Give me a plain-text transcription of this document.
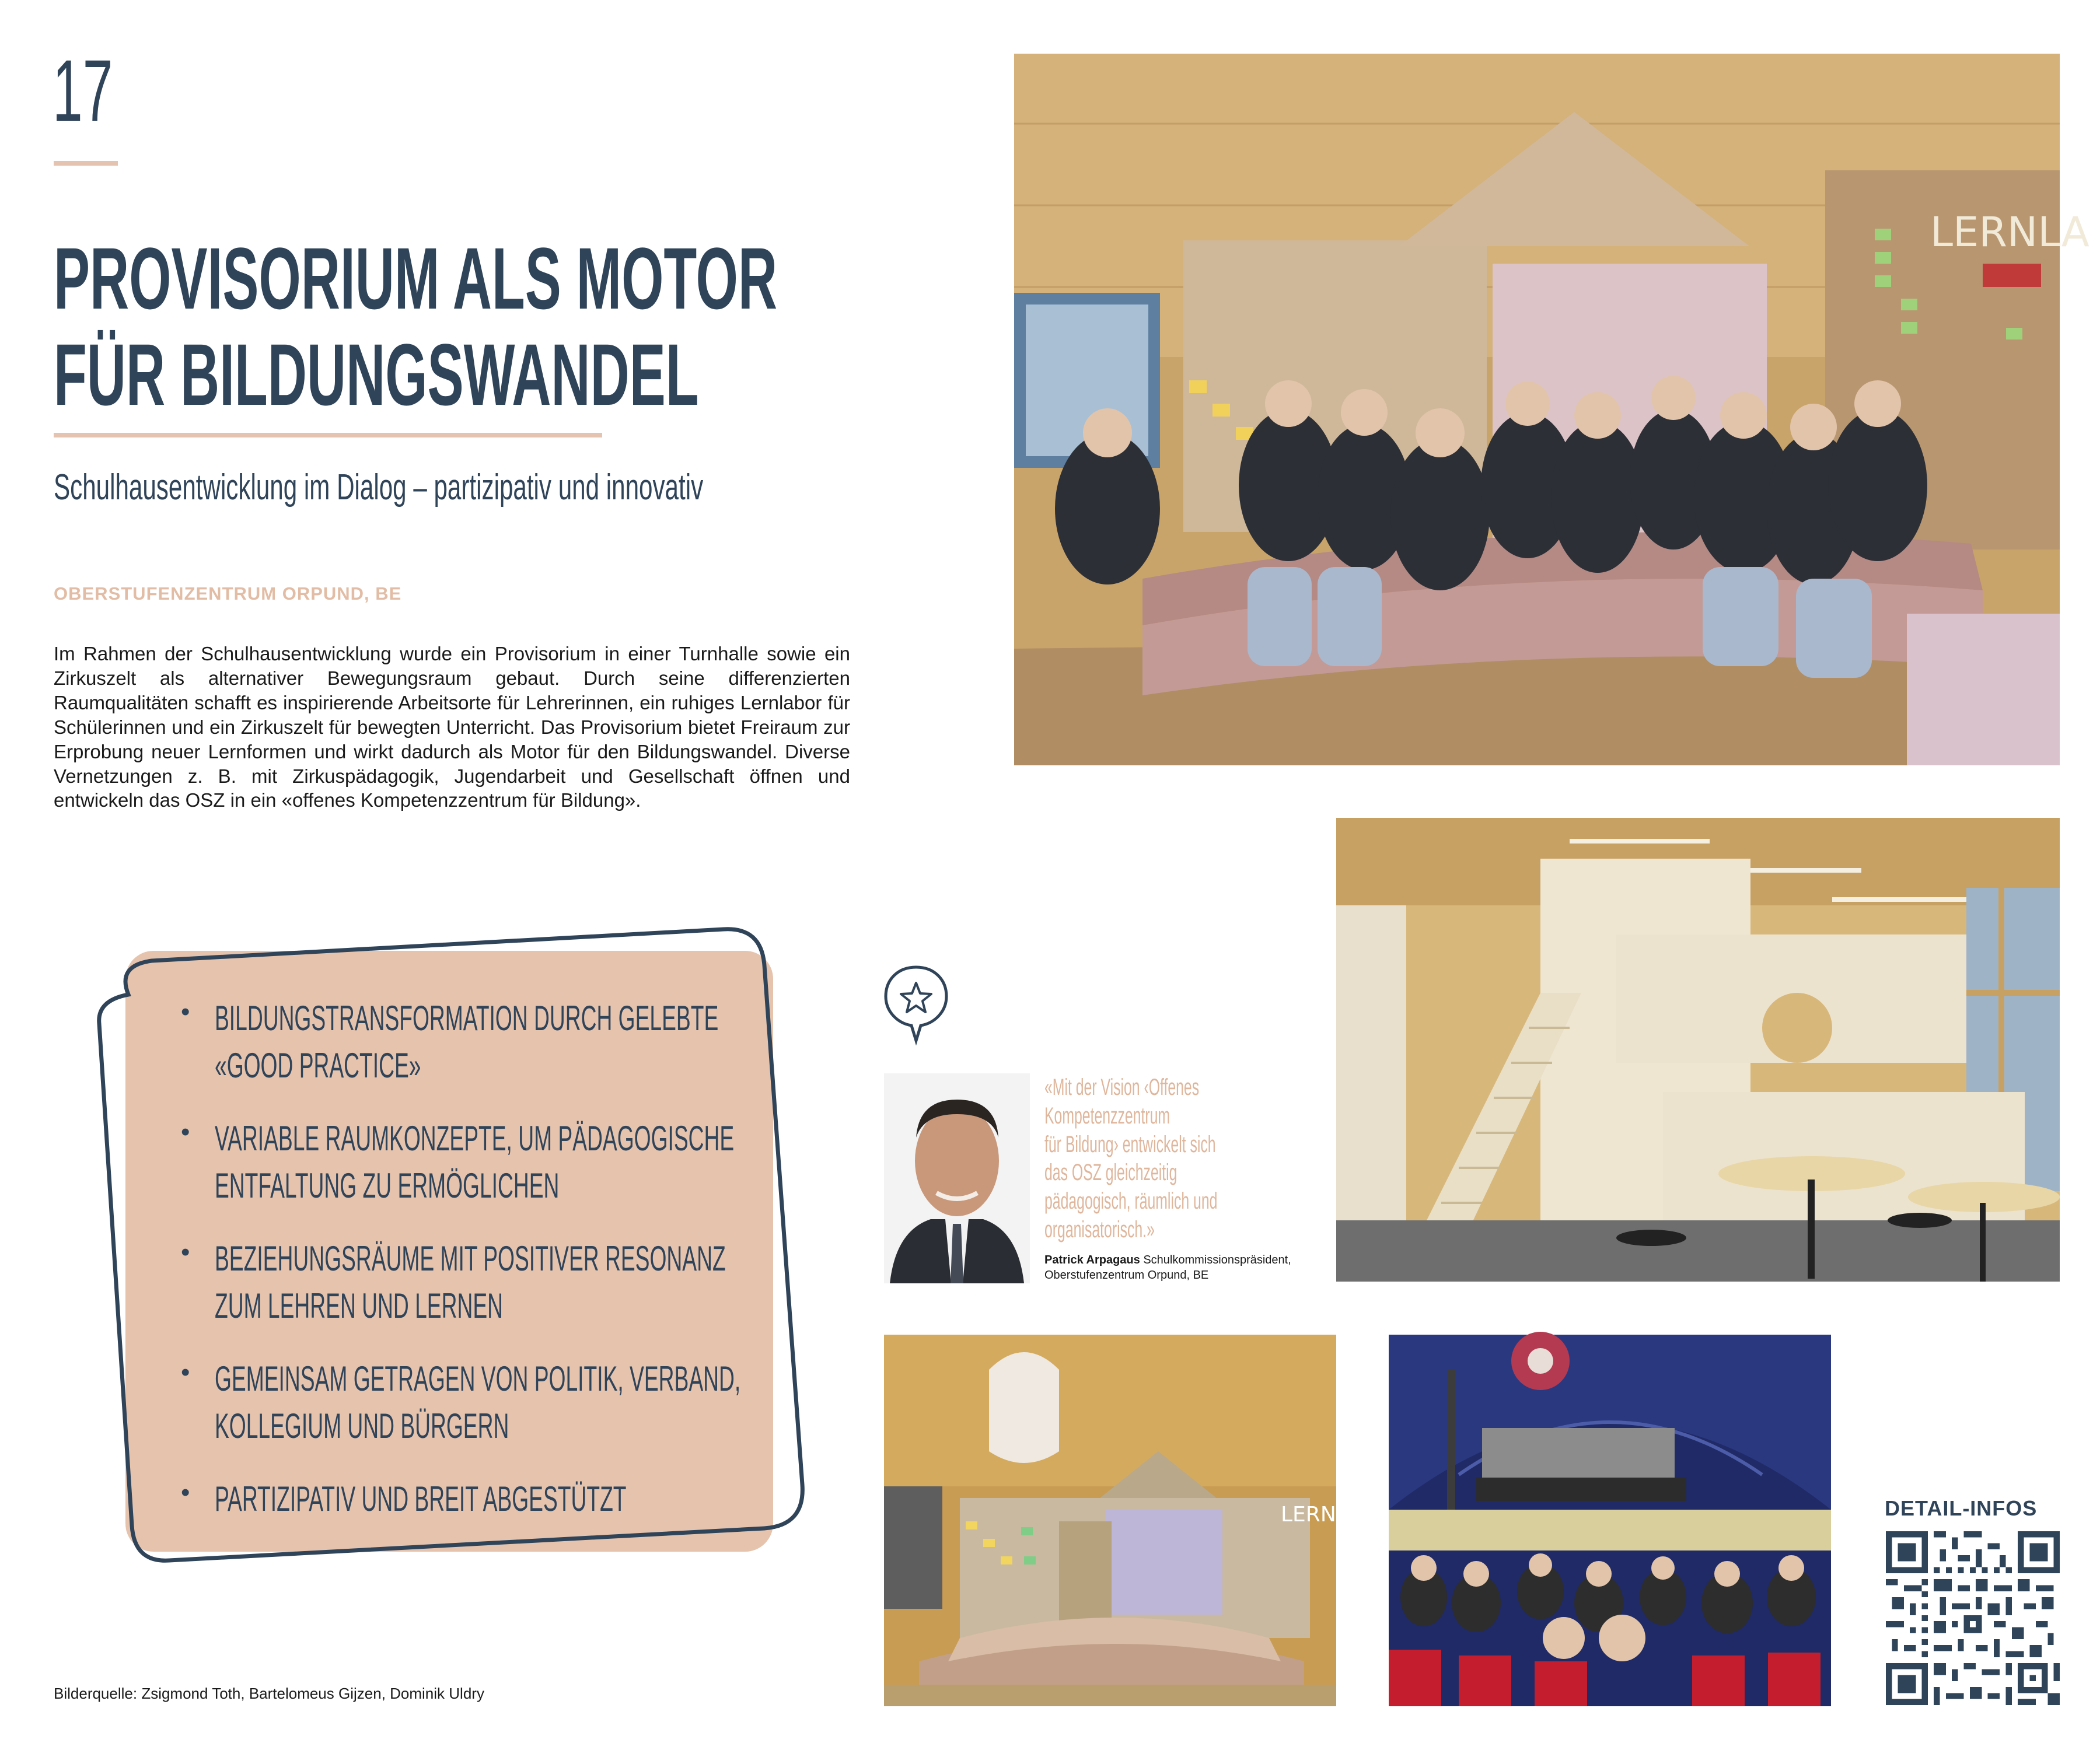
17
PROVISORIUM ALS MOTOR
FÜR BILDUNGSWANDEL
Schulhausentwicklung im Dialog – partizipativ und innovativ
OBERSTUFENZENTRUM ORPUND, BE

Im Rahmen der Schulhausentwicklung wurde ein Provisorium in einer Turnhalle sowie ein Zirkuszelt als alternativer Bewegungsraum gebaut. Durch seine differenzierten Raumqualitäten schafft es inspirierende Arbeitsorte für Lehrerinnen, ein ruhiges Lernlabor für Schülerinnen und ein Zirkuszelt für bewegten Unterricht. Das Provisorium bietet Freiraum zur Erprobung neuer Lernformen und wirkt dadurch als Motor für den Bildungswandel. Diverse Vernetzungen z. B. mit Zirkuspädagogik, Jugendarbeit und Gesellschaft öffnen und entwickeln das OSZ in ein «offenes Kompetenzzentrum für Bildung».

• BILDUNGSTRANSFORMATION DURCH GELEBTE «GOOD PRACTICE»
• VARIABLE RAUMKONZEPTE, UM PÄDAGOGISCHE ENTFALTUNG ZU ERMÖGLICHEN
• BEZIEHUNGSRÄUME MIT POSITIVER RESONANZ ZUM LEHREN UND LERNEN
• GEMEINSAM GETRAGEN VON POLITIK, VERBAND, KOLLEGIUM UND BÜRGERN
• PARTIZIPATIV UND BREIT ABGESTÜTZT
Bilderquelle: Zsigmond Toth, Bartelomeus Gijzen, Dominik Uldry
LERNLA
LERN
«Mit der Vision ‹Offenes
Kompetenzzentrum
für Bildung› entwickelt sich
das OSZ gleichzeitig
pädagogisch, räumlich und
organisatorisch.»
Patrick Arpagaus Schulkommissionspräsident,
Oberstufenzentrum Orpund, BE
DETAIL-INFOS
